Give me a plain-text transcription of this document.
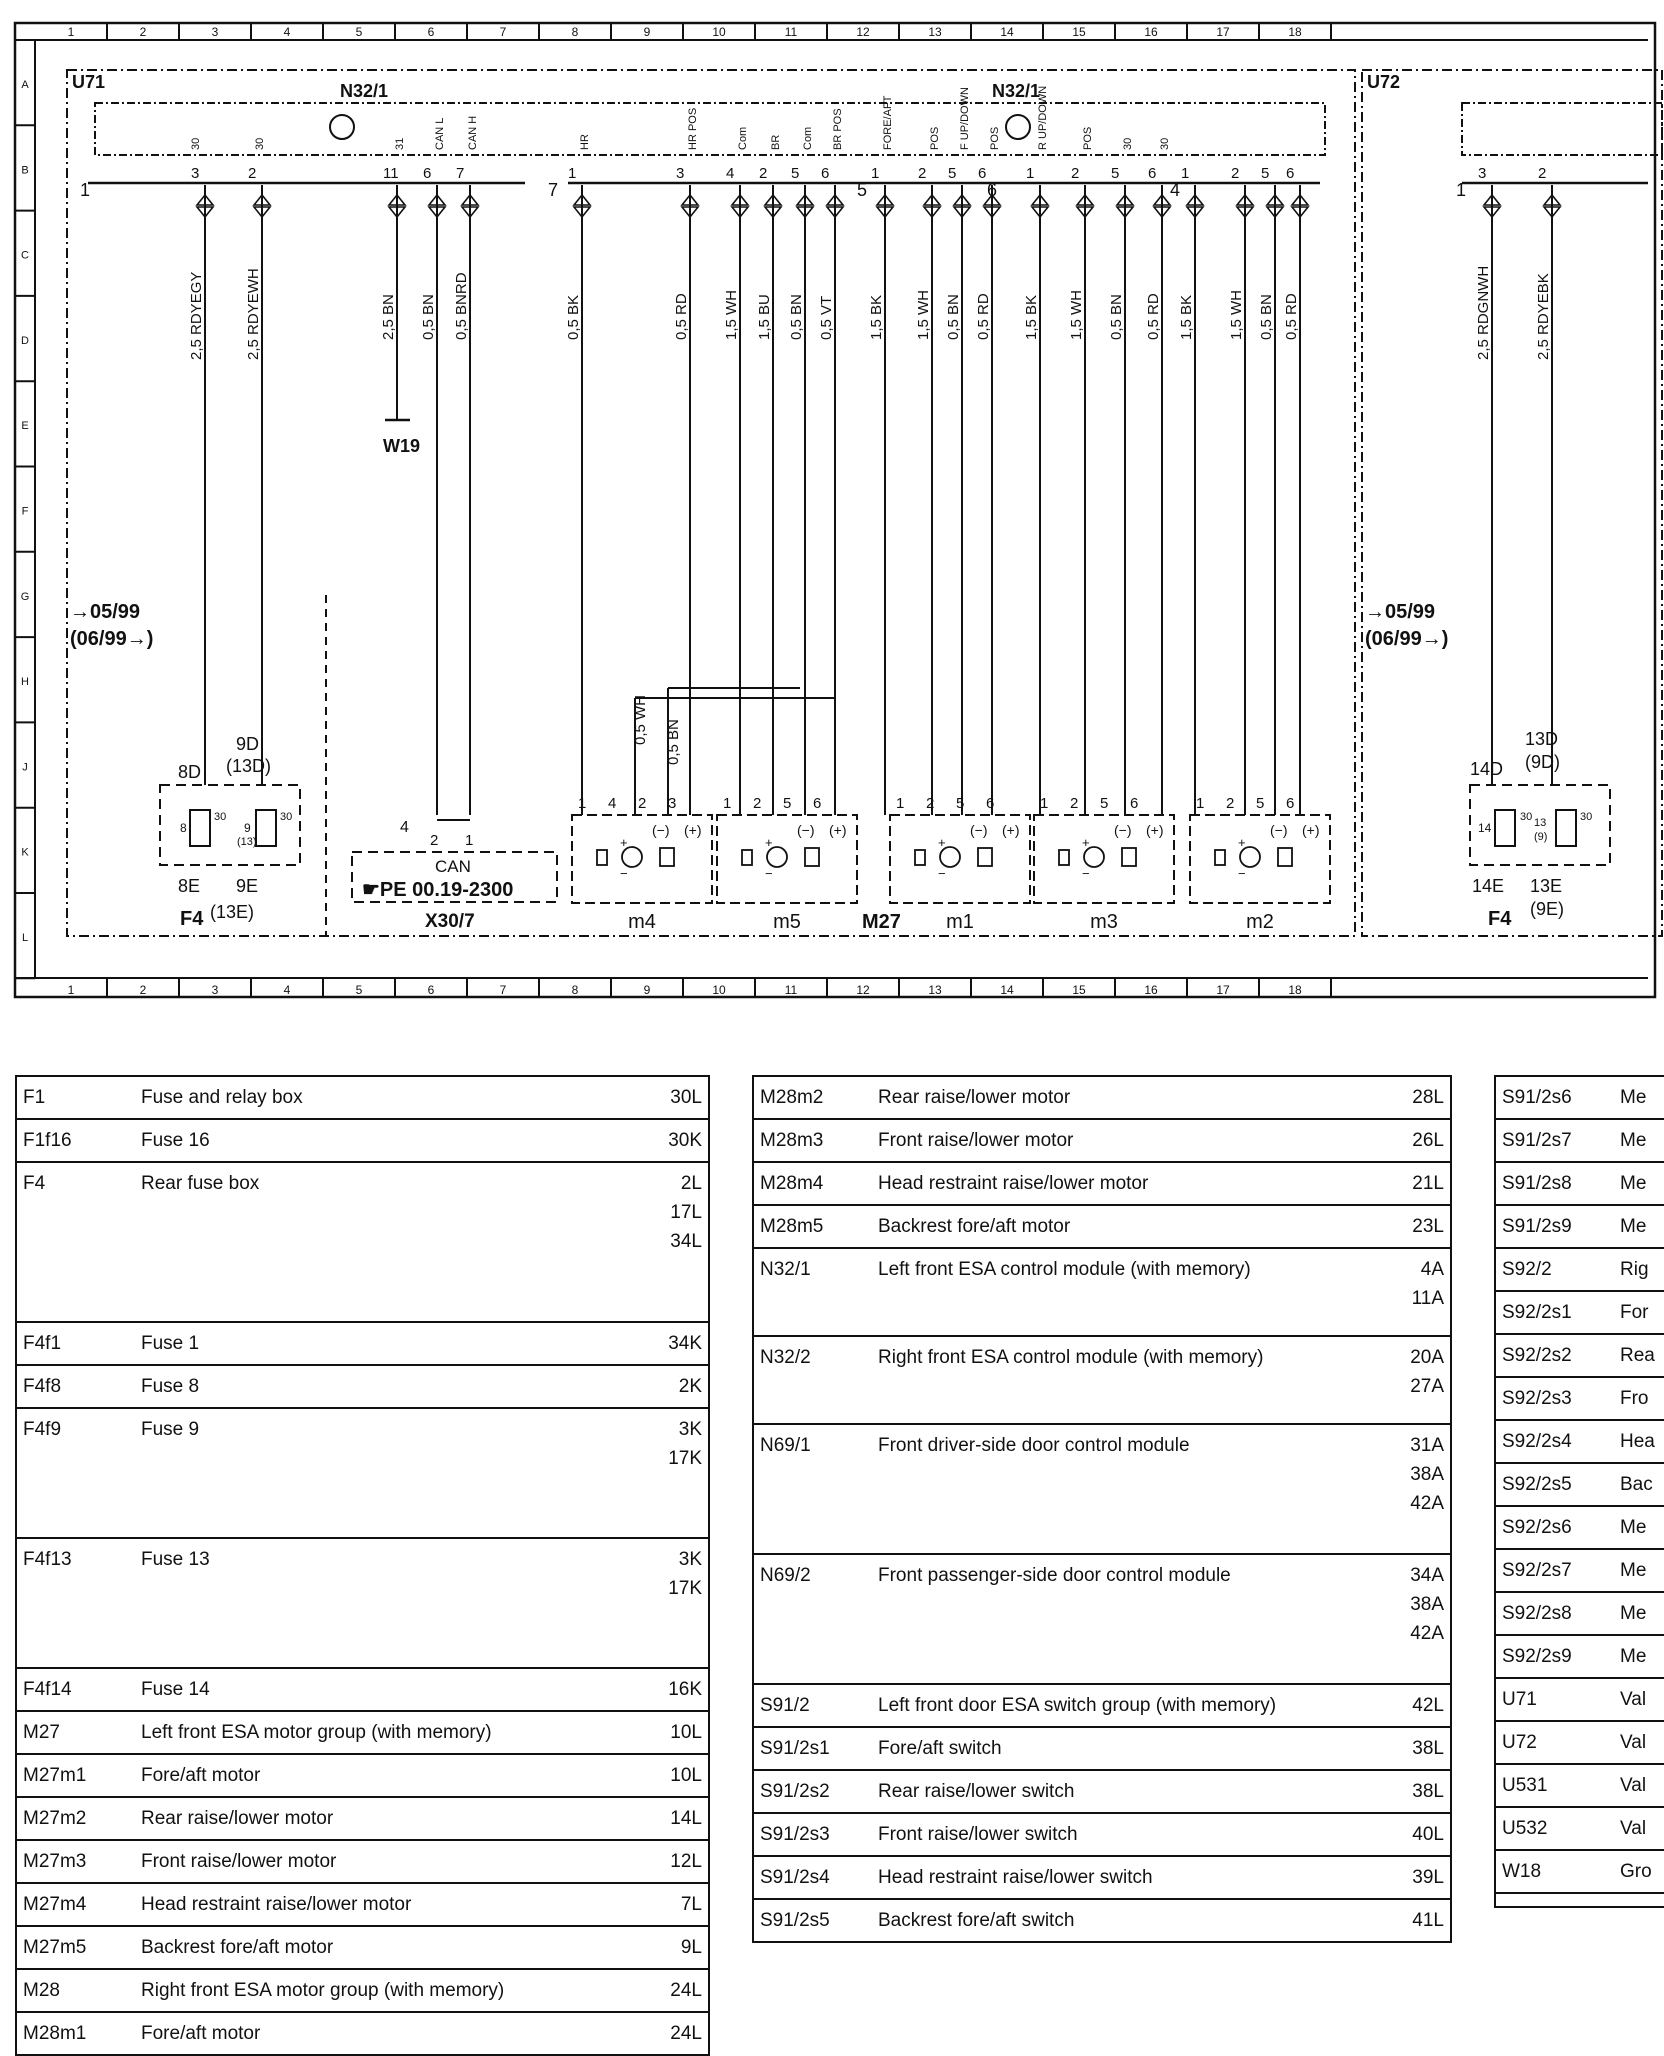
1
1
2
2
3
3
4
4
5
5
6
6
7
7
8
8
9
9
10
10
11
11
12
12
13
13
14
14
15
15
16
16
17
17
18
18
A
B
C
D
E
F
G
H
J
K
L
U71	U72
N32/1	N32/1
2,5 RDYEGY	2,5 RDYEWH	2,5 BN 0,5 BN 0,5 BNRD	0,5 BK	0,5 RD 1,5 WH 1,5 BU 0,5 BN 0,5 VT 1,5 BK 1,5 WH 0,5 BN 0,5 RD 1,5 BK 1,5 WH 0,5 BN 0,5 RD 1,5 BK 1,5 WH 0,5 BN 0,5 RD	2,5 RDGNWH	2,5 RDYEBK
3	2	11 6 7	1	3	4 2 5 6	1	2 5 6	1 2 5 6 1	2 5 6	3	2
30	30	31	CAN L CAN H	HR	HR POS	Com BR Com BR POS	FORE/AFT	POS F UP/DOWN POS	R UP/DOWN	POS	30 30
1	7	5	6	4	1
W19
→05/99
(06/99→)
→05/99
(06/99→)
8D
9D
(13D)
8E 9E
8	9
(13)
30	30
F4 (13E)
14D
13D
(9D)
14E 13E
(9E)
14	13
(9)
30	30
F4
4
2 1
CAN
☛PE 00.19-2300
X30/7
+
−
(−) (+)
m4
+
−
(−) (+)
m5
+
−
(−) (+)
m1
+
−
(−) (+)
m3
+
−
(−) (+)
m2
M27
1 4 2 3	1 2 5 6	1 2 5 6	1 2 5 6	1 2 5 6
0,5 WH 0,5 BN
F1	Fuse and relay box	30L
F1f16	Fuse 16	30K
F4	Rear fuse box	2L
17L
34L
F4f1	Fuse 1	34K
F4f8	Fuse 8	2K
F4f9	Fuse 9	3K
17K
F4f13	Fuse 13	3K
17K
F4f14	Fuse 14	16K
M27	Left front ESA motor group (with memory)	10L
M27m1	Fore/aft motor	10L
M27m2	Rear raise/lower motor	14L
M27m3	Front raise/lower motor	12L
M27m4	Head restraint raise/lower motor	7L
M27m5	Backrest fore/aft motor	9L
M28	Right front ESA motor group (with memory)	24L
M28m1	Fore/aft motor	24L
M28m2	Rear raise/lower motor	28L
M28m3	Front raise/lower motor	26L
M28m4	Head restraint raise/lower motor	21L
M28m5	Backrest fore/aft motor	23L
N32/1	Left front ESA control module (with memory)	4A
11A
N32/2	Right front ESA control module (with memory)	20A
27A
N69/1	Front driver-side door control module	31A
38A
42A
N69/2	Front passenger-side door control module	34A
38A
42A
S91/2	Left front door ESA switch group (with memory)	42L
S91/2s1	Fore/aft switch	38L
S91/2s2	Rear raise/lower switch	38L
S91/2s3	Front raise/lower switch	40L
S91/2s4	Head restraint raise/lower switch	39L
S91/2s5	Backrest fore/aft switch	41L
S91/2s6	Me
S91/2s7	Me
S91/2s8	Me
S91/2s9	Me
S92/2	Rig
S92/2s1	For
S92/2s2	Rea
S92/2s3	Fro
S92/2s4	Hea
S92/2s5	Bac
S92/2s6	Me
S92/2s7	Me
S92/2s8	Me
S92/2s9	Me
U71	Val
U72	Val
U531	Val
U532	Val
W18	Gro
